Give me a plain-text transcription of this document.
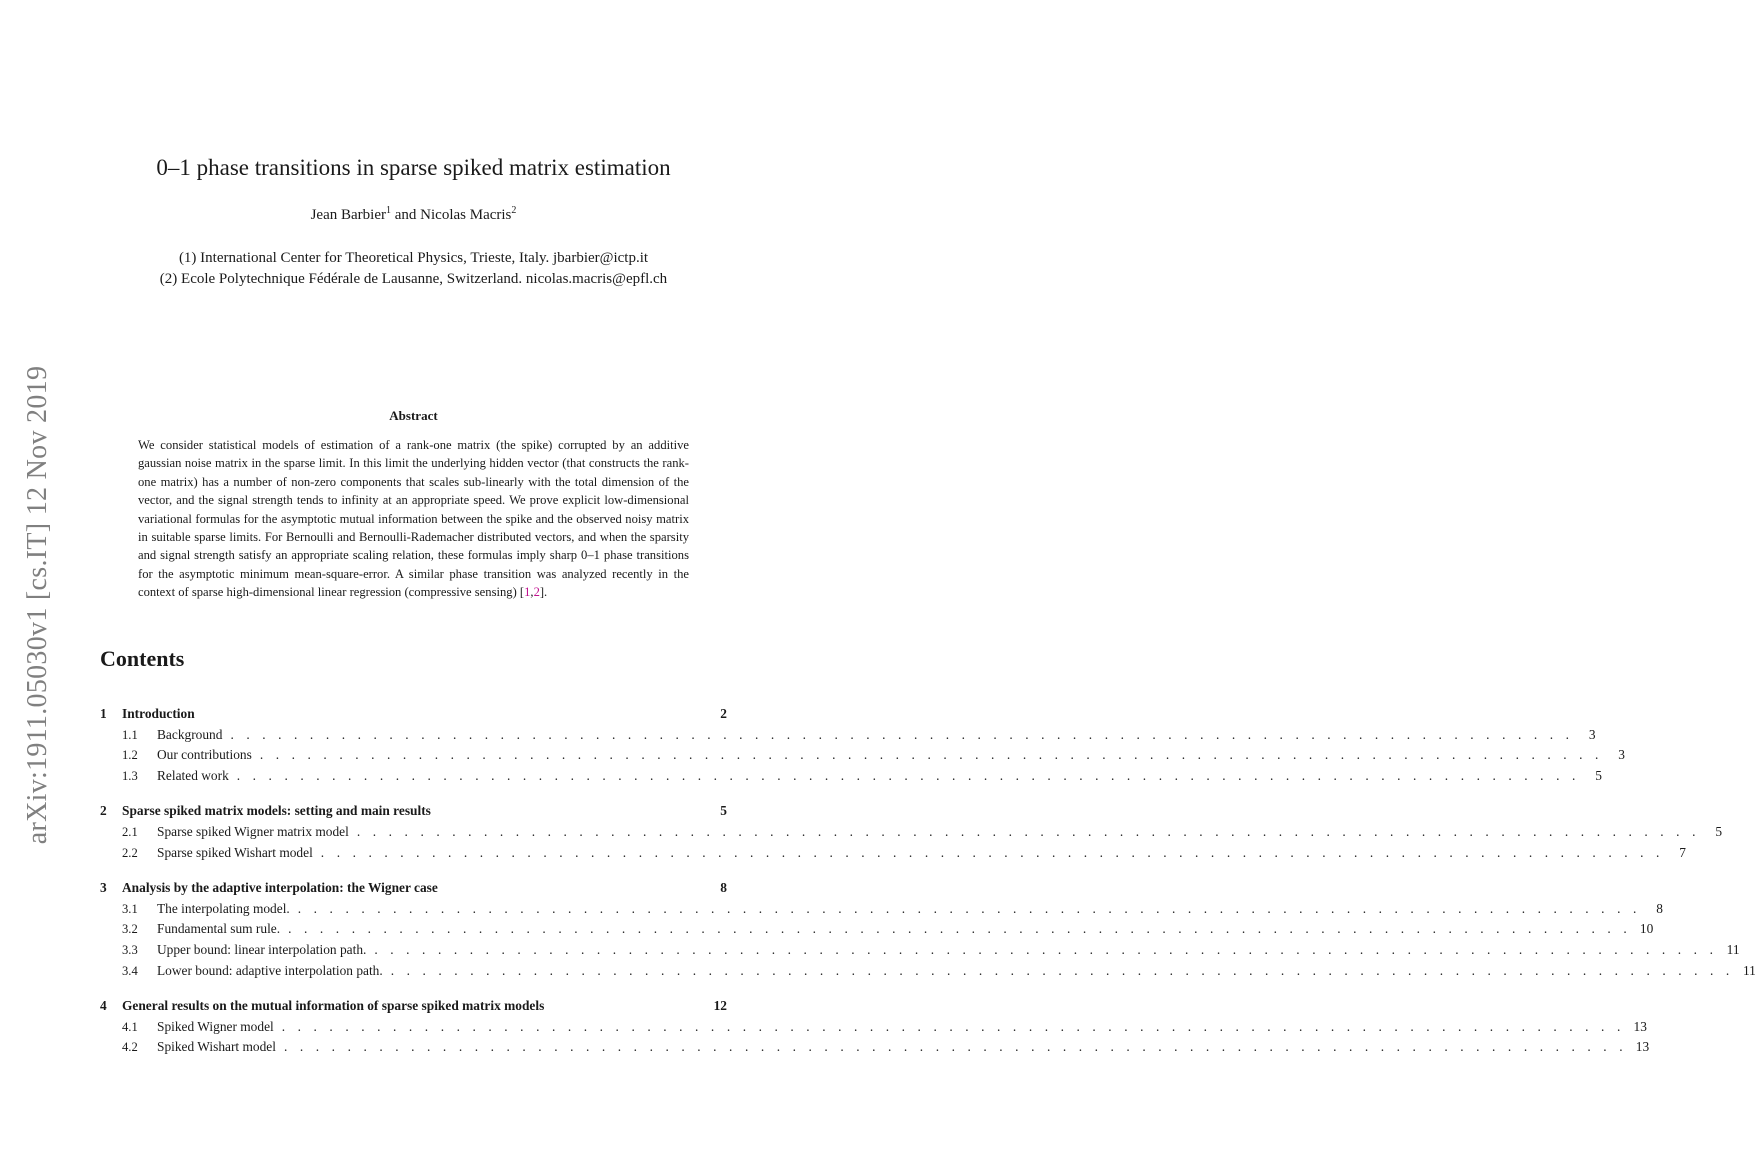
arXiv:1911.05030v1 [cs.IT] 12 Nov 2019
0–1 phase transitions in sparse spiked matrix estimation
Jean Barbier$^1$ and Nicolas Macris$^2$
(1) International Center for Theoretical Physics, Trieste, Italy. jbarbier@ictp.it
(2) Ecole Polytechnique Fédérale de Lausanne, Switzerland. nicolas.macris@epfl.ch
Abstract
We consider statistical models of estimation of a rank-one matrix (the spike) corrupted by an additive gaussian noise matrix in the sparse limit. In this limit the underlying hidden vector (that constructs the rank-one matrix) has a number of non-zero components that scales sub-linearly with the total dimension of the vector, and the signal strength tends to infinity at an appropriate speed. We prove explicit low-dimensional variational formulas for the asymptotic mutual information between the spike and the observed noisy matrix in suitable sparse limits. For Bernoulli and Bernoulli-Rademacher distributed vectors, and when the sparsity and signal strength satisfy an appropriate scaling relation, these formulas imply sharp 0–1 phase transitions for the asymptotic minimum mean-square-error. A similar phase transition was analyzed recently in the context of sparse high-dimensional linear regression (compressive sensing) [1,2].
Contents
1	Introduction	2
1.1	Background . . . . . . . . . . . . . . . . . . . . . . . . . . . . . . . . . . . . . . . . . . . . . . . . . . . . . . . . . . . . . . . . . . . . . . . . . . . . . . . . . . . . .	3
1.2	Our contributions . . . . . . . . . . . . . . . . . . . . . . . . . . . . . . . . . . . . . . . . . . . . . . . . . . . . . . . . . . . . . . . . . . . . . . . . . . . . . . . . . . . . .	3
1.3	Related work . . . . . . . . . . . . . . . . . . . . . . . . . . . . . . . . . . . . . . . . . . . . . . . . . . . . . . . . . . . . . . . . . . . . . . . . . . . . . . . . . . . . .	5
2	Sparse spiked matrix models: setting and main results	5
2.1	Sparse spiked Wigner matrix model . . . . . . . . . . . . . . . . . . . . . . . . . . . . . . . . . . . . . . . . . . . . . . . . . . . . . . . . . . . . . . . . . . . . . . . . . . . . . . . . . . . . .	5
2.2	Sparse spiked Wishart model . . . . . . . . . . . . . . . . . . . . . . . . . . . . . . . . . . . . . . . . . . . . . . . . . . . . . . . . . . . . . . . . . . . . . . . . . . . . . . . . . . . . .	7
3	Analysis by the adaptive interpolation: the Wigner case	8
3.1	The interpolating model. . . . . . . . . . . . . . . . . . . . . . . . . . . . . . . . . . . . . . . . . . . . . . . . . . . . . . . . . . . . . . . . . . . . . . . . . . . . . . . . . . . . . .	8
3.2	Fundamental sum rule. . . . . . . . . . . . . . . . . . . . . . . . . . . . . . . . . . . . . . . . . . . . . . . . . . . . . . . . . . . . . . . . . . . . . . . . . . . . . . . . . . . . . . 10
3.3	Upper bound: linear interpolation path. . . . . . . . . . . . . . . . . . . . . . . . . . . . . . . . . . . . . . . . . . . . . . . . . . . . . . . . . . . . . . . . . . . . . . . . . . . . . . . . . . . . . . 11
3.4	Lower bound: adaptive interpolation path. . . . . . . . . . . . . . . . . . . . . . . . . . . . . . . . . . . . . . . . . . . . . . . . . . . . . . . . . . . . . . . . . . . . . . . . . . . . . . . . . . . . . . 11
4	General results on the mutual information of sparse spiked matrix models	12
4.1	Spiked Wigner model . . . . . . . . . . . . . . . . . . . . . . . . . . . . . . . . . . . . . . . . . . . . . . . . . . . . . . . . . . . . . . . . . . . . . . . . . . . . . . . . . . . . . 13
4.2	Spiked Wishart model . . . . . . . . . . . . . . . . . . . . . . . . . . . . . . . . . . . . . . . . . . . . . . . . . . . . . . . . . . . . . . . . . . . . . . . . . . . . . . . . . . . . . 13
